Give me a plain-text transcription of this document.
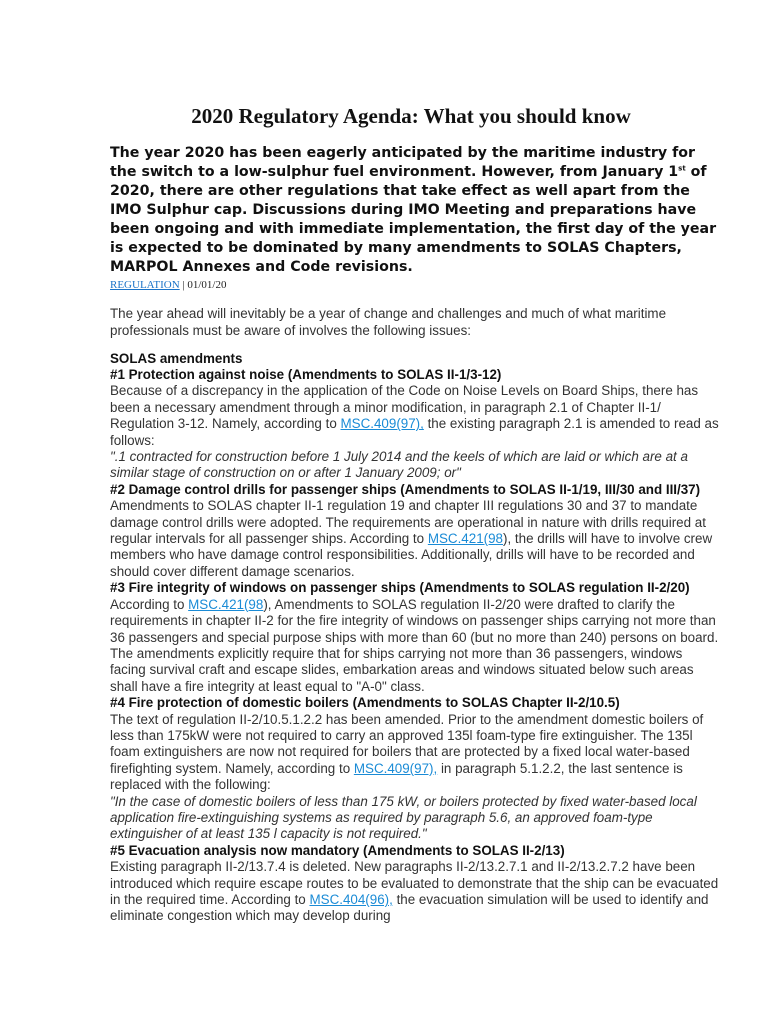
2020 Regulatory Agenda: What you should know

The year 2020 has been eagerly anticipated by the maritime industry for the switch to a low-sulphur fuel environment. However, from January 1st of 2020, there are other regulations that take effect as well apart from the IMO Sulphur cap. Discussions during IMO Meeting and preparations have been ongoing and with immediate implementation, the first day of the year is expected to be dominated by many amendments to SOLAS Chapters, MARPOL Annexes and Code revisions.

REGULATION | 01/01/20

The year ahead will inevitably be a year of change and challenges and much of what maritime professionals must be aware of involves the following issues:

SOLAS amendments

#1 Protection against noise (Amendments to SOLAS II-1/3-12)

Because of a discrepancy in the application of the Code on Noise Levels on Board Ships, there has been a necessary amendment through a minor modification, in paragraph 2.1 of Chapter II-1/ Regulation 3-12. Namely, according to MSC.409(97), the existing paragraph 2.1 is amended to read as follows:

".1 contracted for construction before 1 July 2014 and the keels of which are laid or which are at a similar stage of construction on or after 1 January 2009; or"

#2 Damage control drills for passenger ships (Amendments to SOLAS II-1/19, III/30 and III/37)

Amendments to SOLAS chapter II-1 regulation 19 and chapter III regulations 30 and 37 to mandate damage control drills were adopted. The requirements are operational in nature with drills required at regular intervals for all passenger ships. According to MSC.421(98), the drills will have to involve crew members who have damage control responsibilities. Additionally, drills will have to be recorded and should cover different damage scenarios.

#3 Fire integrity of windows on passenger ships (Amendments to SOLAS regulation II-2/20)

According to MSC.421(98), Amendments to SOLAS regulation II-2/20 were drafted to clarify the requirements in chapter II-2 for the fire integrity of windows on passenger ships carrying not more than 36 passengers and special purpose ships with more than 60 (but no more than 240) persons on board. The amendments explicitly require that for ships carrying not more than 36 passengers, windows facing survival craft and escape slides, embarkation areas and windows situated below such areas shall have a fire integrity at least equal to "A-0" class.

#4 Fire protection of domestic boilers (Amendments to SOLAS Chapter II-2/10.5)

The text of regulation II-2/10.5.1.2.2 has been amended. Prior to the amendment domestic boilers of less than 175kW were not required to carry an approved 135l foam-type fire extinguisher. The 135l foam extinguishers are now not required for boilers that are protected by a fixed local water-based firefighting system. Namely, according to MSC.409(97), in paragraph 5.1.2.2, the last sentence is replaced with the following:

"In the case of domestic boilers of less than 175 kW, or boilers protected by fixed water-based local application fire-extinguishing systems as required by paragraph 5.6, an approved foam-type extinguisher of at least 135 l capacity is not required."

#5 Evacuation analysis now mandatory (Amendments to SOLAS II-2/13)

Existing paragraph II-2/13.7.4 is deleted. New paragraphs II-2/13.2.7.1 and II-2/13.2.7.2 have been introduced which require escape routes to be evaluated to demonstrate that the ship can be evacuated in the required time. According to MSC.404(96), the evacuation simulation will be used to identify and eliminate congestion which may develop during
